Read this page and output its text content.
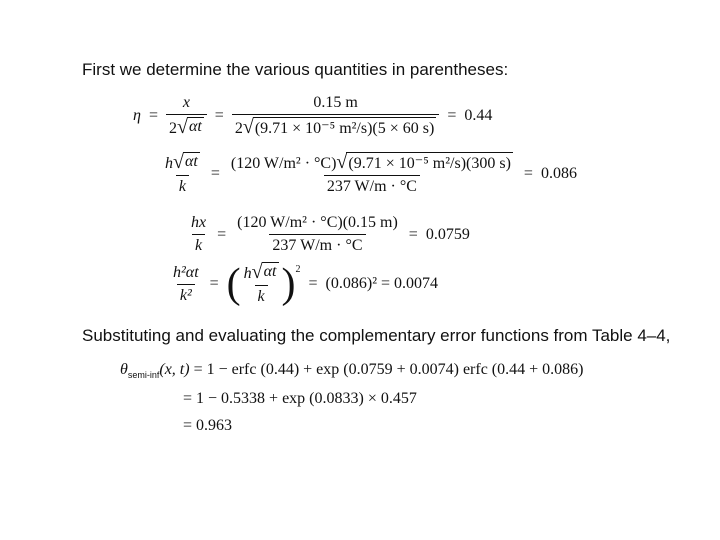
First we determine the various quantities in parentheses:
$\eta = \frac{x}{2 √ \alpha t} = \frac{0.15 m}{\text{2 √ (9.71 × 10⁻⁵ m²/s)(5 × 60 s)}} = 0.44$
$\frac{h √ \alpha t}{k} = \frac{\text{(120 W/m² · °C) √ (9.71 × 10⁻⁵ m²/s)(300 s)}}{237 W/m \cdot ^\circ C} = 0.086$
$\frac{hx}{k} = \frac{\text{(120 W/m² · °C)(0.15 m)}}{237 W/m \cdot ^\circ C} = 0.0759$
$\frac{\text{h²αt}}{\text{k²}}$ = ( $\frac{h √ \alpha t}{k} )^2$
= (0.086)² = 0.0074
Substituting and evaluating the complementary error functions from Table 4–4,
$\theta_{semi-inf}(x$, t) = 1 − erfc (0.44) + exp (0.0759 + 0.0074) erfc (0.44 + 0.086)
= 1 − 0.5338 + exp (0.0833) × 0.457
= 0.963
